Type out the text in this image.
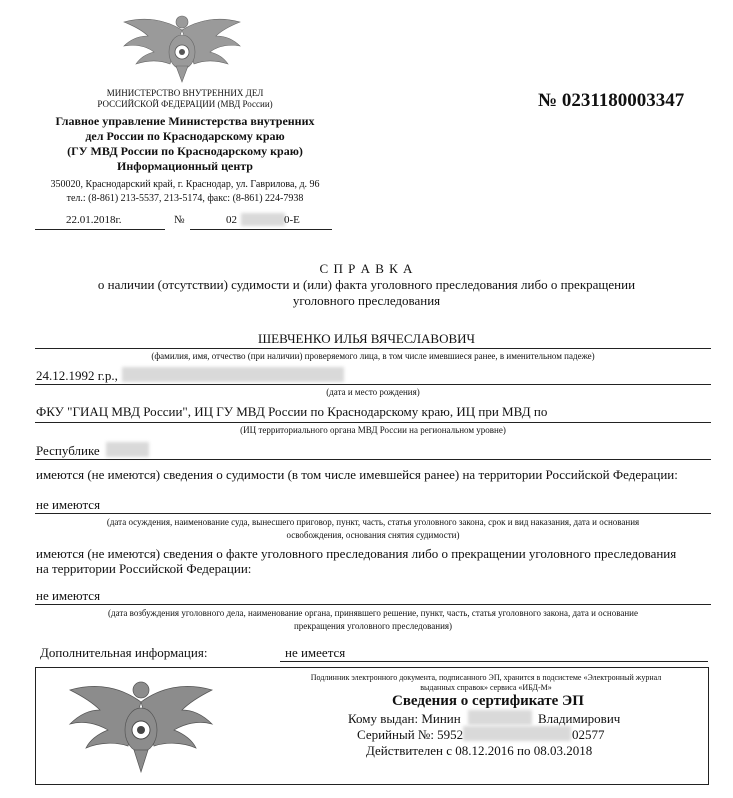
МИНИСТЕРСТВО ВНУТРЕННИХ ДЕЛ
РОССИЙСКОЙ ФЕДЕРАЦИИ (МВД России)
Главное управление Министерства внутренних
дел России по Краснодарскому краю
(ГУ МВД России по Краснодарскому краю)
Информационный центр
350020, Краснодарский край, г. Краснодар, ул. Гаврилова, д. 96
тел.: (8-861) 213-5537, 213-5174, факс: (8-861) 224-7938
22.01.2018г.	№	02	0-Е
№ 0231180003347
С П Р А В К А
о наличии (отсутствии) судимости и (или) факта уголовного преследования либо о прекращении
уголовного преследования
ШЕВЧЕНКО ИЛЬЯ ВЯЧЕСЛАВОВИЧ
(фамилия, имя, отчество (при наличии) проверяемого лица, в том числе имевшиеся ранее, в именительном падеже)
24.12.1992 г.р.,
(дата и место рождения)
ФКУ "ГИАЦ МВД России", ИЦ ГУ МВД России по Краснодарскому краю, ИЦ при МВД по
(ИЦ территориального органа МВД России на региональном уровне)
Республике
имеются (не имеются) сведения о судимости (в том числе имевшейся ранее) на территории Российской Федерации:
не имеются
(дата осуждения, наименование суда, вынесшего приговор, пункт, часть, статья уголовного закона, срок и вид наказания, дата и основания
освобождения, основания снятия судимости)
имеются (не имеются) сведения о факте уголовного преследования либо о прекращении уголовного преследования
на территории Российской Федерации:
не имеются
(дата возбуждения уголовного дела, наименование органа, принявшего решение, пункт, часть, статья уголовного закона, дата и основание
прекращения уголовного преследования)
Дополнительная информация:	не имеется
Подлинник электронного документа, подписанного ЭП, хранится в подсистеме «Электронный журнал
выданных справок» сервиса «ИБД-М»
Сведения о сертификате ЭП
Кому выдан: Минин	Владимирович
Серийный №: 5952	02577
Действителен с 08.12.2016 по 08.03.2018
